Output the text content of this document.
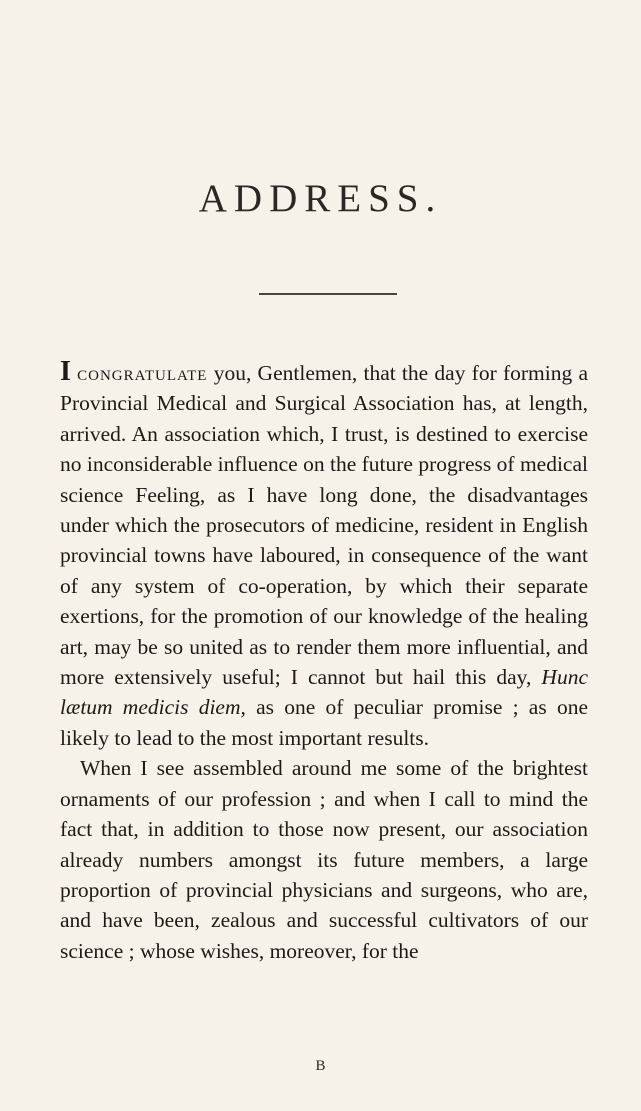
ADDRESS.

I congratulate you, Gentlemen, that the day for forming a Provincial Medical and Surgical Association has, at length, arrived. An association which, I trust, is destined to exercise no inconsiderable influence on the future progress of medical science Feeling, as I have long done, the disadvantages under which the prosecutors of medicine, resident in English provincial towns have laboured, in consequence of the want of any system of co-operation, by which their separate exertions, for the promotion of our knowledge of the healing art, may be so united as to render them more influential, and more extensively useful; I cannot but hail this day, Hunc lætum medicis diem, as one of peculiar promise ; as one likely to lead to the most important results.

When I see assembled around me some of the brightest ornaments of our profession ; and when I call to mind the fact that, in addition to those now present, our association already numbers amongst its future members, a large proportion of provincial physicians and surgeons, who are, and have been, zealous and successful cultivators of our science ; whose wishes, moreover, for the

B
